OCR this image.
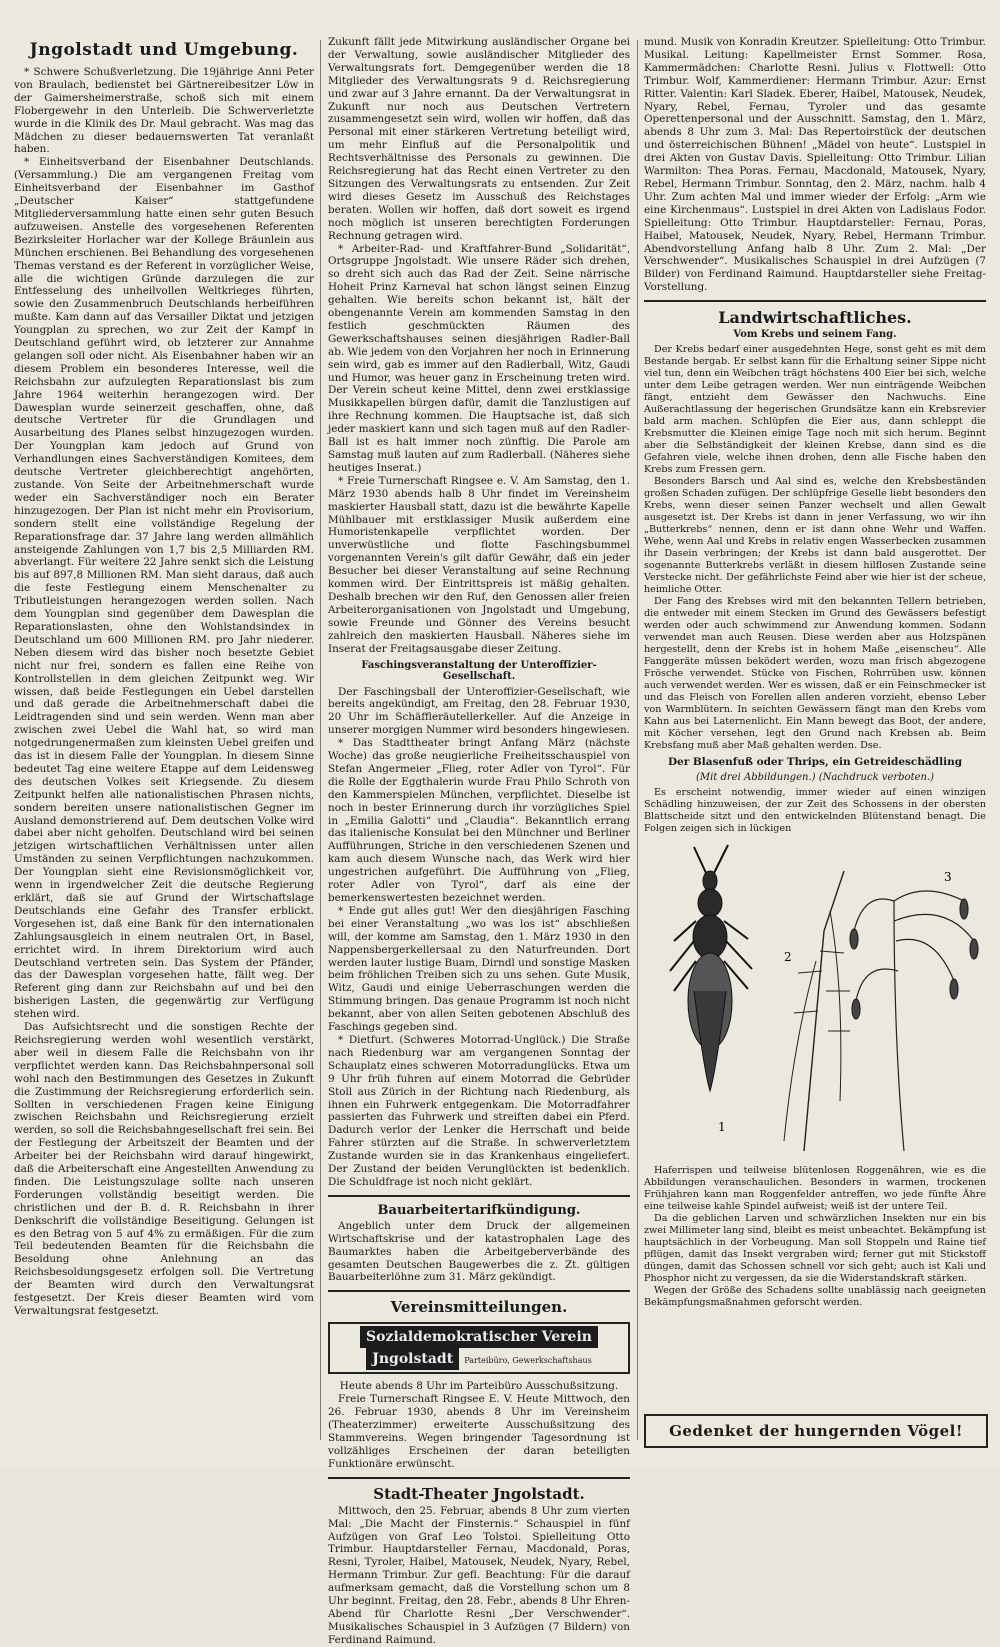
Jngolstadt und Umgebung.

* Schwere Schußverletzung. Die 19jährige Anni Peter von Braulach, bedienstet bei Gärtnereibesitzer Löw in der Gaimersheimerstraße, schoß sich mit einem Flobergewehr in den Unterleib. Die Schwerverletzte wurde in die Klinik des Dr. Maul gebracht. Was mag das Mädchen zu dieser bedauernswerten Tat veranlaßt haben.

* Einheitsverband der Eisenbahner Deutschlands. (Versammlung.) Die am vergangenen Freitag vom Einheitsverband der Eisenbahner im Gasthof „Deutscher Kaiser“ stattgefundene Mitgliederversammlung hatte einen sehr guten Besuch aufzuweisen. Anstelle des vorgesehenen Referenten Bezirksleiter Horlacher war der Kollege Bräunlein aus München erschienen. Bei Behandlung des vorgesehenen Themas verstand es der Referent in vorzüglicher Weise, alle die wichtigen Gründe darzulegen die zur Entfesselung des unheilvollen Weltkrieges führten, sowie den Zusammenbruch Deutschlands herbeiführen mußte. Kam dann auf das Versailler Diktat und jetzigen Youngplan zu sprechen, wo zur Zeit der Kampf in Deutschland geführt wird, ob letzterer zur Annahme gelangen soll oder nicht. Als Eisenbahner haben wir an diesem Problem ein besonderes Interesse, weil die Reichsbahn zur aufzulegten Reparationslast bis zum Jahre 1964 weiterhin herangezogen wird. Der Dawesplan wurde seinerzeit geschaffen, ohne, daß deutsche Vertreter für die Grundlagen und Ausarbeitung des Planes selbst hinzugezogen wurden. Der Youngplan kam jedoch auf Grund von Verhandlungen eines Sachverständigen Komitees, dem deutsche Vertreter gleichberechtigt angehörten, zustande. Von Seite der Arbeitnehmerschaft wurde weder ein Sachverständiger noch ein Berater hinzugezogen. Der Plan ist nicht mehr ein Provisorium, sondern stellt eine vollständige Regelung der Reparationsfrage dar. 37 Jahre lang werden allmählich ansteigende Zahlungen von 1,7 bis 2,5 Milliarden RM. abverlangt. Für weitere 22 Jahre senkt sich die Leistung bis auf 897,8 Millionen RM. Man sieht daraus, daß auch die feste Festlegung einem Menschenalter zu Tributleistungen herangezogen werden sollen. Nach dem Youngplan sind gegenüber dem Dawesplan die Reparationslasten, ohne den Wohlstandsindex in Deutschland um 600 Millionen RM. pro Jahr niederer. Neben diesem wird das bisher noch besetzte Gebiet nicht nur frei, sondern es fallen eine Reihe von Kontrollstellen in dem gleichen Zeitpunkt weg. Wir wissen, daß beide Festlegungen ein Uebel darstellen und daß gerade die Arbeitnehmerschaft dabei die Leidtragenden sind und sein werden. Wenn man aber zwischen zwei Uebel die Wahl hat, so wird man notgedrungenermaßen zum kleinsten Uebel greifen und das ist in diesem Falle der Youngplan. In diesem Sinne bedeutet Tag eine weitere Etappe auf dem Leidensweg des deutschen Volkes seit Kriegsende. Zu diesem Zeitpunkt helfen alle nationalistischen Phrasen nichts, sondern bereiten unsere nationalistischen Gegner im Ausland demonstrierend auf. Dem deutschen Volke wird dabei aber nicht geholfen. Deutschland wird bei seinen jetzigen wirtschaftlichen Verhältnissen unter allen Umständen zu seinen Verpflichtungen nachzukommen. Der Youngplan sieht eine Revisionsmöglichkeit vor, wenn in irgendwelcher Zeit die deutsche Regierung erklärt, daß sie auf Grund der Wirtschaftslage Deutschlands eine Gefahr des Transfer erblickt. Vorgesehen ist, daß eine Bank für den internationalen Zahlungsausgleich in einem neutralen Ort, in Basel, errichtet wird. In ihrem Direktorium wird auch Deutschland vertreten sein. Das System der Pfänder, das der Dawesplan vorgesehen hatte, fällt weg. Der Referent ging dann zur Reichsbahn auf und bei den bisherigen Lasten, die gegenwärtig zur Verfügung stehen wird.

Das Aufsichtsrecht und die sonstigen Rechte der Reichsregierung werden wohl wesentlich verstärkt, aber weil in diesem Falle die Reichsbahn von ihr verpflichtet werden kann. Das Reichsbahnpersonal soll wohl nach den Bestimmungen des Gesetzes in Zukunft die Zustimmung der Reichsregierung erforderlich sein. Sollten in verschiedenen Fragen keine Einigung zwischen Reichsbahn und Reichsregierung erzielt werden, so soll die Reichsbahngesellschaft frei sein. Bei der Festlegung der Arbeitszeit der Beamten und der Arbeiter bei der Reichsbahn wird darauf hingewirkt, daß die Arbeiterschaft eine Angestellten Anwendung zu finden. Die Leistungszulage sollte nach unseren Forderungen vollständig beseitigt werden. Die christlichen und der B. d. R. Reichsbahn in ihrer Denkschrift die vollständige Beseitigung. Gelungen ist es den Betrag von 5 auf 4% zu ermäßigen. Für die zum Teil bedeutenden Beamten für die Reichsbahn die Besoldung ohne Anlehnung an das Reichsbesoldungsgesetz erfolgen soll. Die Vertretung der Beamten wird durch den Verwaltungsrat festgesetzt. Der Kreis dieser Beamten wird vom Verwaltungsrat festgesetzt.

Zukunft fällt jede Mitwirkung ausländischer Organe bei der Verwaltung, sowie ausländischer Mitglieder des Verwaltungsrats fort. Demgegenüber werden die 18 Mitglieder des Verwaltungsrats 9 d. Reichsregierung und zwar auf 3 Jahre ernannt. Da der Verwaltungsrat in Zukunft nur noch aus Deutschen Vertretern zusammengesetzt sein wird, wollen wir hoffen, daß das Personal mit einer stärkeren Vertretung beteiligt wird, um mehr Einfluß auf die Personalpolitik und Rechtsverhältnisse des Personals zu gewinnen. Die Reichsregierung hat das Recht einen Vertreter zu den Sitzungen des Verwaltungsrats zu entsenden. Zur Zeit wird dieses Gesetz im Ausschuß des Reichstages beraten. Wollen wir hoffen, daß dort soweit es irgend noch möglich ist unseren berechtigten Forderungen Rechnung getragen wird.

* Arbeiter-Rad- und Kraftfahrer-Bund „Solidarität“, Ortsgruppe Jngolstadt. Wie unsere Räder sich drehen, so dreht sich auch das Rad der Zeit. Seine närrische Hoheit Prinz Karneval hat schon längst seinen Einzug gehalten. Wie bereits schon bekannt ist, hält der obengenannte Verein am kommenden Samstag in den festlich geschmückten Räumen des Gewerkschaftshauses seinen diesjährigen Radler-Ball ab. Wie jedem von den Vorjahren her noch in Erinnerung sein wird, gab es immer auf den Radlerball, Witz, Gaudi und Humor, was heuer ganz in Erscheinung treten wird. Der Verein scheut keine Mittel, denn zwei erstklassige Musikkapellen bürgen dafür, damit die Tanzlustigen auf ihre Rechnung kommen. Die Hauptsache ist, daß sich jeder maskiert kann und sich tagen muß auf den Radler-Ball ist es halt immer noch zünftig. Die Parole am Samstag muß lauten auf zum Radlerball. (Näheres siehe heutiges Inserat.)

* Freie Turnerschaft Ringsee e. V. Am Samstag, den 1. März 1930 abends halb 8 Uhr findet im Vereinsheim maskierter Hausball statt, dazu ist die bewährte Kapelle Mühlbauer mit erstklassiger Musik außerdem eine Humoristenkapelle verpflichtet worden. Der unverwüstliche und flotte Faschingsbummel vorgenannten Verein's gilt dafür Gewähr, daß ein jeder Besucher bei dieser Veranstaltung auf seine Rechnung kommen wird. Der Eintrittspreis ist mäßig gehalten. Deshalb brechen wir den Ruf, den Genossen aller freien Arbeiterorganisationen von Jngolstadt und Umgebung, sowie Freunde und Gönner des Vereins besucht zahlreich den maskierten Hausball. Näheres siehe im Inserat der Freitagsausgabe dieser Zeitung.

Faschingsveranstaltung der Unteroffizier-Gesellschaft.

Der Faschingsball der Unteroffizier-Gesellschaft, wie bereits angekündigt, am Freitag, den 28. Februar 1930, 20 Uhr im Schäffleräutellerkeller. Auf die Anzeige in unserer morgigen Nummer wird besonders hingewiesen.

* Das Stadttheater bringt Anfang März (nächste Woche) das große neugierliche Freiheitsschauspiel von Stefan Angermeier „Flieg, roter Adler von Tyrol“. Für die Rolle der Eggthalerin wurde Frau Philo Schroth von den Kammerspielen München, verpflichtet. Dieselbe ist noch in bester Erinnerung durch ihr vorzügliches Spiel in „Emilia Galotti“ und „Claudia“. Bekanntlich errang das italienische Konsulat bei den Münchner und Berliner Aufführungen, Striche in den verschiedenen Szenen und kam auch diesem Wunsche nach, das Werk wird hier ungestrichen aufgeführt. Die Aufführung von „Flieg, roter Adler von Tyrol“, darf als eine der bemerkenswertesten bezeichnet werden.

* Ende gut alles gut! Wer den diesjährigen Fasching bei einer Veranstaltung „wo was los ist“ abschließen will, der komme am Samstag, den 1. März 1930 in den Nappensbergerkellersaal zu den Naturfreunden. Dort werden lauter lustige Buam, Dirndl und sonstige Masken beim fröhlichen Treiben sich zu uns sehen. Gute Musik, Witz, Gaudi und einige Ueberraschungen werden die Stimmung bringen. Das genaue Programm ist noch nicht bekannt, aber von allen Seiten gebotenen Abschluß des Faschings gegeben sind.

* Dietfurt. (Schweres Motorrad-Unglück.) Die Straße nach Riedenburg war am vergangenen Sonntag der Schauplatz eines schweren Motorradunglücks. Etwa um 9 Uhr früh fuhren auf einem Motorrad die Gebrüder Stoll aus Zürich in der Richtung nach Riedenburg, als ihnen ein Fuhrwerk entgegenkam. Die Motorradfahrer passierten das Fuhrwerk und streiften dabei ein Pferd. Dadurch verlor der Lenker die Herrschaft und beide Fahrer stürzten auf die Straße. In schwerverletztem Zustande wurden sie in das Krankenhaus eingeliefert. Der Zustand der beiden Verunglückten ist bedenklich. Die Schuldfrage ist noch nicht geklärt.

Bauarbeitertarifkündigung.

Angeblich unter dem Druck der allgemeinen Wirtschaftskrise und der katastrophalen Lage des Baumarktes haben die Arbeitgeberverbände des gesamten Deutschen Baugewerbes die z. Zt. gültigen Bauarbeiterlöhne zum 31. März gekündigt.

Vereinsmitteilungen.
Sozialdemokratischer Verein
Jngolstadt Parteibüro, Gewerkschaftshaus

Heute abends 8 Uhr im Parteibüro Ausschußsitzung.

Freie Turnerschaft Ringsee E. V. Heute Mittwoch, den 26. Februar 1930, abends 8 Uhr im Vereinsheim (Theaterzimmer) erweiterte Ausschußsitzung des Stammvereins. Wegen bringender Tagesordnung ist vollzähliges Erscheinen der daran beteiligten Funktionäre erwünscht.

Stadt-Theater Jngolstadt.

Mittwoch, den 25. Februar, abends 8 Uhr zum vierten Mal: „Die Macht der Finsternis.“ Schauspiel in fünf Aufzügen von Graf Leo Tolstoi. Spielleitung Otto Trimbur. Hauptdarsteller Fernau, Macdonald, Poras, Resni, Tyroler, Haibel, Matousek, Neudek, Nyary, Rebel, Hermann Trimbur. Zur gefl. Beachtung: Für die darauf aufmerksam gemacht, daß die Vorstellung schon um 8 Uhr beginnt. Freitag, den 28. Febr., abends 8 Uhr Ehren-Abend für Charlotte Resni „Der Verschwender“. Musikalisches Schauspiel in 3 Aufzügen (7 Bildern) von Ferdinand Raimund.

mund. Musik von Konradin Kreutzer. Spielleitung: Otto Trimbur. Musikal. Leitung: Kapellmeister Ernst Sommer. Rosa, Kammermädchen: Charlotte Resni. Julius v. Flottwell: Otto Trimbur. Wolf, Kammerdiener: Hermann Trimbur. Azur: Ernst Ritter. Valentin: Karl Sladek. Eberer, Haibel, Matousek, Neudek, Nyary, Rebel, Fernau, Tyroler und das gesamte Operettenpersonal und der Ausschnitt. Samstag, den 1. März, abends 8 Uhr zum 3. Mal: Das Repertoirstück der deutschen und österreichischen Bühnen! „Mädel von heute“. Lustspiel in drei Akten von Gustav Davis. Spielleitung: Otto Trimbur. Lilian Warmilton: Thea Poras. Fernau, Macdonald, Matousek, Nyary, Rebel, Hermann Trimbur. Sonntag, den 2. März, nachm. halb 4 Uhr. Zum achten Mal und immer wieder der Erfolg: „Arm wie eine Kirchenmaus“. Lustspiel in drei Akten von Ladislaus Fodor. Spielleitung: Otto Trimbur. Hauptdarsteller: Fernau, Poras, Haibel, Matousek, Neudek, Nyary, Rebel, Hermann Trimbur. Abendvorstellung Anfang halb 8 Uhr. Zum 2. Mal: „Der Verschwender“. Musikalisches Schauspiel in drei Aufzügen (7 Bilder) von Ferdinand Raimund. Hauptdarsteller siehe Freitag-Vorstellung.

Landwirtschaftliches.
Vom Krebs und seinem Fang.

Der Krebs bedarf einer ausgedehnten Hege, sonst geht es mit dem Bestande bergab. Er selbst kann für die Erhaltung seiner Sippe nicht viel tun, denn ein Weibchen trägt höchstens 400 Eier bei sich, welche unter dem Leibe getragen werden. Wer nun einträgende Weibchen fängt, entzieht dem Gewässer den Nachwuchs. Eine Außerachtlassung der hegerischen Grundsätze kann ein Krebsrevier bald arm machen. Schlüpfen die Eier aus, dann schleppt die Krebsmutter die Kleinen einige Tage noch mit sich herum. Beginnt aber die Selbständigkeit der kleinen Krebse, dann sind es die Gefahren viele, welche ihnen drohen, denn alle Fische haben den Krebs zum Fressen gern.

Besonders Barsch und Aal sind es, welche den Krebsbeständen großen Schaden zufügen. Der schlüpfrige Geselle liebt besonders den Krebs, wenn dieser seinen Panzer wechselt und allen Gewalt ausgesetzt ist. Der Krebs ist dann in jener Verfassung, wo wir ihn „Butterkrebs“ nennen, denn er ist dann ohne Wehr und Waffen. Wehe, wenn Aal und Krebs in relativ engen Wasserbecken zusammen ihr Dasein verbringen; der Krebs ist dann bald ausgerottet. Der sogenannte Butterkrebs verläßt in diesem hilflosen Zustande seine Verstecke nicht. Der gefährlichste Feind aber wie hier ist der scheue, heimliche Otter.

Der Fang des Krebses wird mit den bekannten Tellern betrieben, die entweder mit einem Stecken im Grund des Gewässers befestigt werden oder auch schwimmend zur Anwendung kommen. Sodann verwendet man auch Reusen. Diese werden aber aus Holzspänen hergestellt, denn der Krebs ist in hohem Maße „eisenscheu“. Alle Fanggeräte müssen beködert werden, wozu man frisch abgezogene Frösche verwendet. Stücke von Fischen, Rohrrüben usw. können auch verwendet werden. Wer es wissen, daß er ein Feinschmecker ist und das Fleisch von Forellen allen anderen vorzieht, ebenso Leber von Warmblütern. In seichten Gewässern fängt man den Krebs vom Kahn aus bei Laternenlicht. Ein Mann bewegt das Boot, der andere, mit Köcher versehen, legt den Grund nach Krebsen ab. Beim Krebsfang muß aber Maß gehalten werden. Dse.

Der Blasenfuß oder Thrips, ein Getreideschädling
(Mit drei Abbildungen.) (Nachdruck verboten.)

Es erscheint notwendig, immer wieder auf einen winzigen Schädling hinzuweisen, der zur Zeit des Schossens in der obersten Blattscheide sitzt und den entwickelnden Blütenstand benagt. Die Folgen zeigen sich in lückigen

1
2
3

Haferrispen und teilweise blütenlosen Roggenähren, wie es die Abbildungen veranschaulichen. Besonders in warmen, trockenen Frühjahren kann man Roggenfelder antreffen, wo jede fünfte Ähre eine teilweise kahle Spindel aufweist; weiß ist der untere Teil.

Da die geblichen Larven und schwärzlichen Insekten nur ein bis zwei Millimeter lang sind, bleibt es meist unbeachtet. Bekämpfung ist hauptsächlich in der Vorbeugung. Man soll Stoppeln und Raine tief pflügen, damit das Insekt vergraben wird; ferner gut mit Stickstoff düngen, damit das Schossen schnell vor sich geht; auch ist Kali und Phosphor nicht zu vergessen, da sie die Widerstandskraft stärken.

Wegen der Größe des Schadens sollte unablässig nach geeigneten Bekämpfungsmaßnahmen geforscht werden.

Gedenket der hungernden Vögel!
